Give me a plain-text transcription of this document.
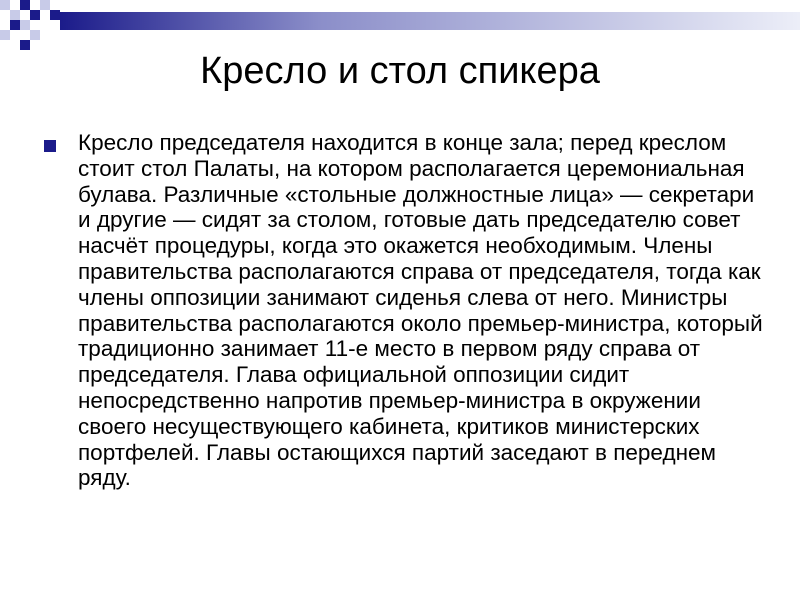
Кресло и стол спикера
Кресло председателя находится в конце зала; перед креслом стоит стол Палаты, на котором располагается церемониальная булава. Различные «стольные должностные лица» — секретари и другие — сидят за столом, готовые дать председателю совет насчёт процедуры, когда это окажется необходимым. Члены правительства располагаются справа от председателя, тогда как члены оппозиции занимают сиденья слева от него. Министры правительства располагаются около премьер-министра, который традиционно занимает 11-е место в первом ряду справа от председателя. Глава официальной оппозиции сидит непосредственно напротив премьер-министра в окружении своего несуществующего кабинета, критиков министерских портфелей. Главы остающихся партий заседают в переднем ряду.
